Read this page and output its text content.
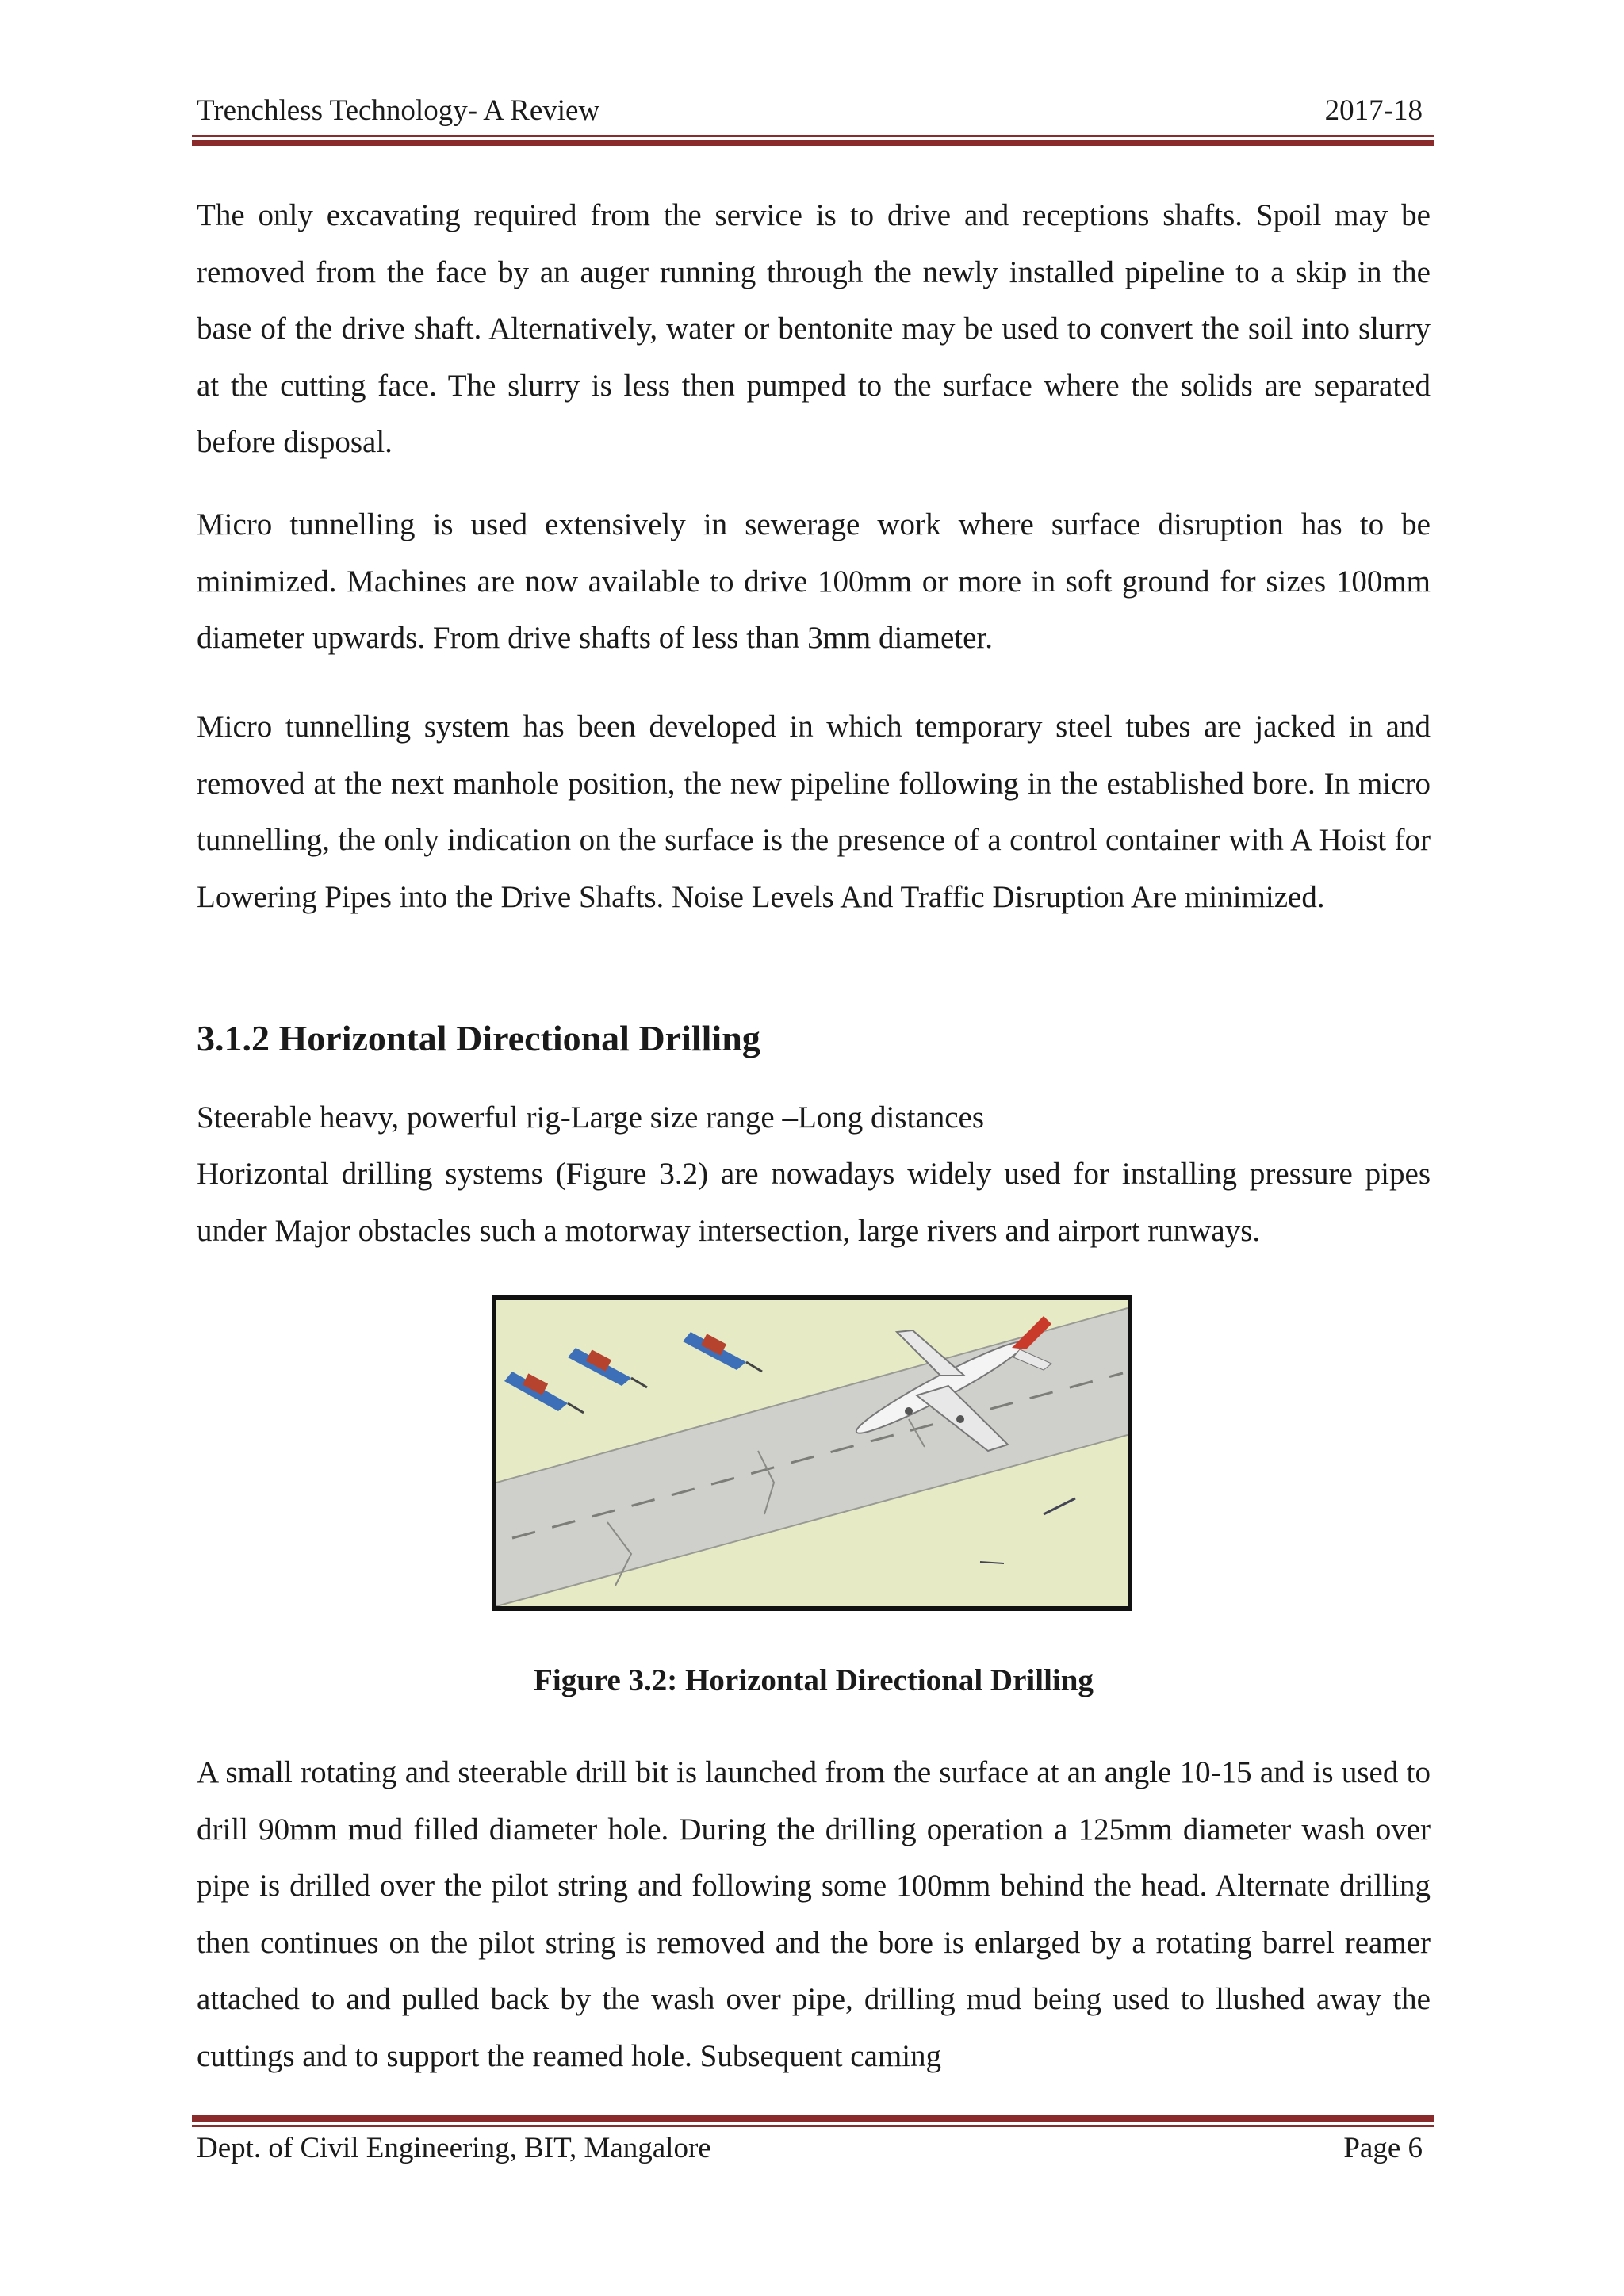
Trenchless Technology- A Review	2017-18

The only excavating required from the service is to drive and receptions shafts. Spoil may be removed from the face by an auger running through the newly installed pipeline to a skip in the base of the drive shaft. Alternatively, water or bentonite may be used to convert the soil into slurry at the cutting face. The slurry is less then pumped to the surface where the solids are separated before disposal.

Micro tunnelling is used extensively in sewerage work where surface disruption has to be minimized. Machines are now available to drive 100mm or more in soft ground for sizes 100mm diameter upwards. From drive shafts of less than 3mm diameter.

Micro tunnelling system has been developed in which temporary steel tubes are jacked in and removed at the next manhole position, the new pipeline following in the established bore. In micro tunnelling, the only indication on the surface is the presence of a control container with A Hoist for Lowering Pipes into the Drive Shafts. Noise Levels And Traffic Disruption Are minimized.

3.1.2 Horizontal Directional Drilling

Steerable heavy, powerful rig-Large size range –Long distances

Horizontal drilling systems (Figure 3.2) are nowadays widely used for installing pressure pipes under Major obstacles such a motorway intersection, large rivers and airport runways.

Figure 3.2: Horizontal Directional Drilling

A small rotating and steerable drill bit is launched from the surface at an angle 10-15 and is used to drill 90mm mud filled diameter hole. During the drilling operation a 125mm diameter wash over pipe is drilled over the pilot string and following some 100mm behind the head. Alternate drilling then continues on the pilot string is removed and the bore is enlarged by a rotating barrel reamer attached to and pulled back by the wash over pipe, drilling mud being used to llushed away the cuttings and to support the reamed hole. Subsequent caming

Dept. of Civil Engineering, BIT, Mangalore	Page 6
